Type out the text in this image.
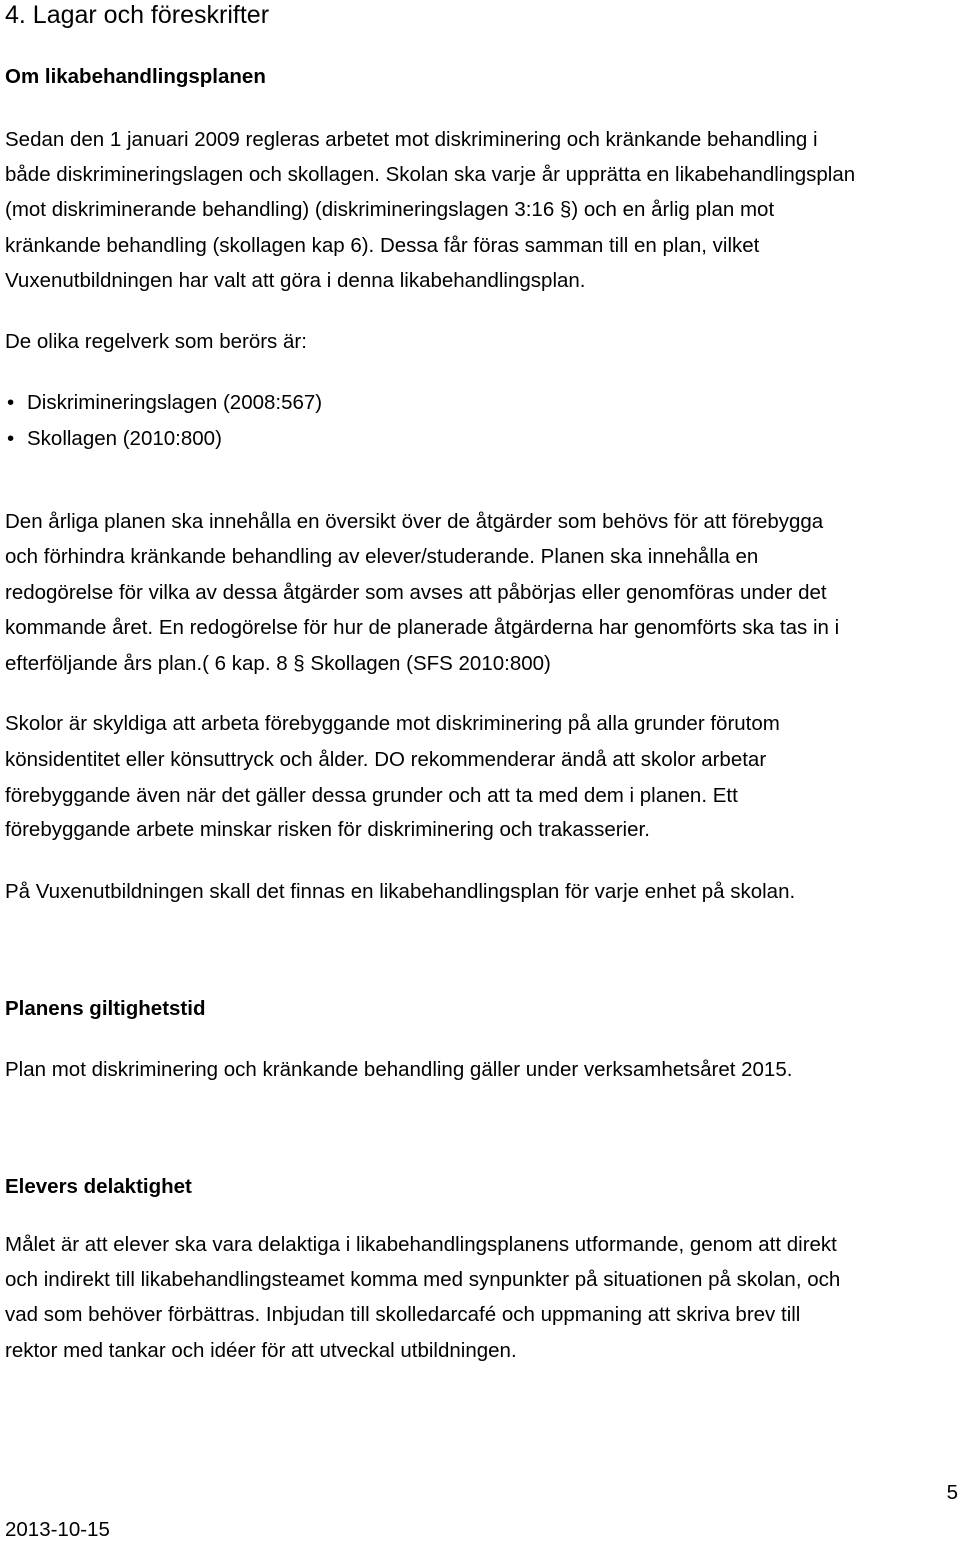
4. Lagar och föreskrifter
Om likabehandlingsplanen

Sedan den 1 januari 2009 regleras arbetet mot diskriminering och kränkande behandling i

både diskrimineringslagen och skollagen. Skolan ska varje år upprätta en likabehandlingsplan

(mot diskriminerande behandling) (diskrimineringslagen 3:16 §) och en årlig plan mot

kränkande behandling (skollagen kap 6). Dessa får föras samman till en plan, vilket

Vuxenutbildningen har valt att göra i denna likabehandlingsplan.

De olika regelverk som berörs är:

• Diskrimineringslagen (2008:567)
• Skollagen (2010:800)

Den årliga planen ska innehålla en översikt över de åtgärder som behövs för att förebygga

och förhindra kränkande behandling av elever/studerande. Planen ska innehålla en

redogörelse för vilka av dessa åtgärder som avses att påbörjas eller genomföras under det

kommande året. En redogörelse för hur de planerade åtgärderna har genomförts ska tas in i

efterföljande års plan.( 6 kap. 8 § Skollagen (SFS 2010:800)

Skolor är skyldiga att arbeta förebyggande mot diskriminering på alla grunder förutom

könsidentitet eller könsuttryck och ålder. DO rekommenderar ändå att skolor arbetar

förebyggande även när det gäller dessa grunder och att ta med dem i planen. Ett

förebyggande arbete minskar risken för diskriminering och trakasserier.

På Vuxenutbildningen skall det finnas en likabehandlingsplan för varje enhet på skolan.

Planens giltighetstid

Plan mot diskriminering och kränkande behandling gäller under verksamhetsåret 2015.

Elevers delaktighet

Målet är att elever ska vara delaktiga i likabehandlingsplanens utformande, genom att direkt

och indirekt till likabehandlingsteamet komma med synpunkter på situationen på skolan, och

vad som behöver förbättras. Inbjudan till skolledarcafé och uppmaning att skriva brev till

rektor med tankar och idéer för att utveckal utbildningen.

5
2013-10-15
